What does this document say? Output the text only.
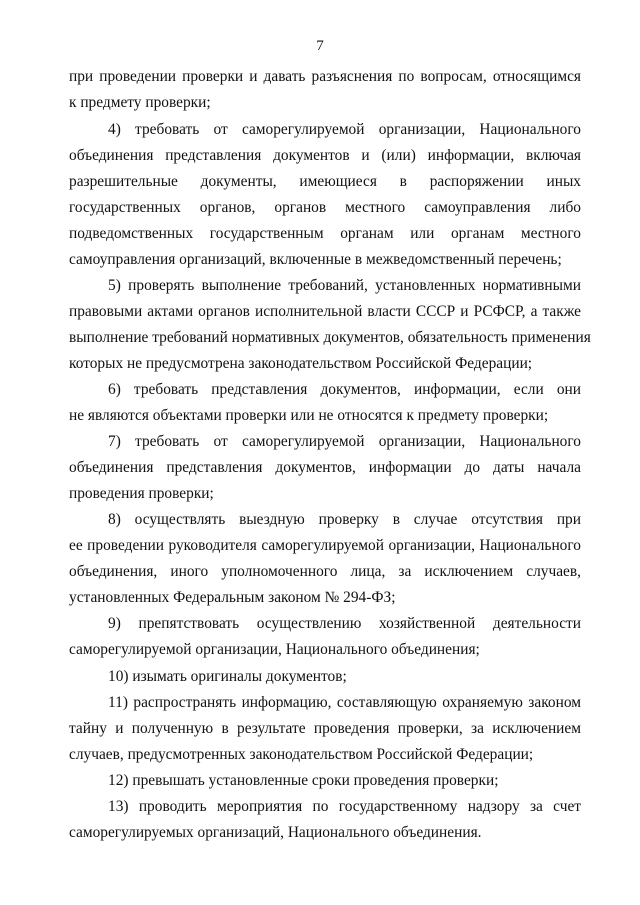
7
при проведении проверки и давать разъяснения по вопросам, относящимся
к предмету проверки;
4) требовать от саморегулируемой организации, Национального
объединения представления документов и (или) информации, включая
разрешительные документы, имеющиеся в распоряжении иных
государственных органов, органов местного самоуправления либо
подведомственных государственным органам или органам местного
самоуправления организаций, включенные в межведомственный перечень;
5) проверять выполнение требований, установленных нормативными
правовыми актами органов исполнительной власти СССР и РСФСР, а также
выполнение требований нормативных документов, обязательность применения
которых не предусмотрена законодательством Российской Федерации;
6) требовать представления документов, информации, если они
не являются объектами проверки или не относятся к предмету проверки;
7) требовать от саморегулируемой организации, Национального
объединения представления документов, информации до даты начала
проведения проверки;
8) осуществлять выездную проверку в случае отсутствия при
ее проведении руководителя саморегулируемой организации, Национального
объединения, иного уполномоченного лица, за исключением случаев,
установленных Федеральным законом № 294-ФЗ;
9) препятствовать осуществлению хозяйственной деятельности
саморегулируемой организации, Национального объединения;
10) изымать оригиналы документов;
11) распространять информацию, составляющую охраняемую законом
тайну и полученную в результате проведения проверки, за исключением
случаев, предусмотренных законодательством Российской Федерации;
12) превышать установленные сроки проведения проверки;
13) проводить мероприятия по государственному надзору за счет
саморегулируемых организаций, Национального объединения.
